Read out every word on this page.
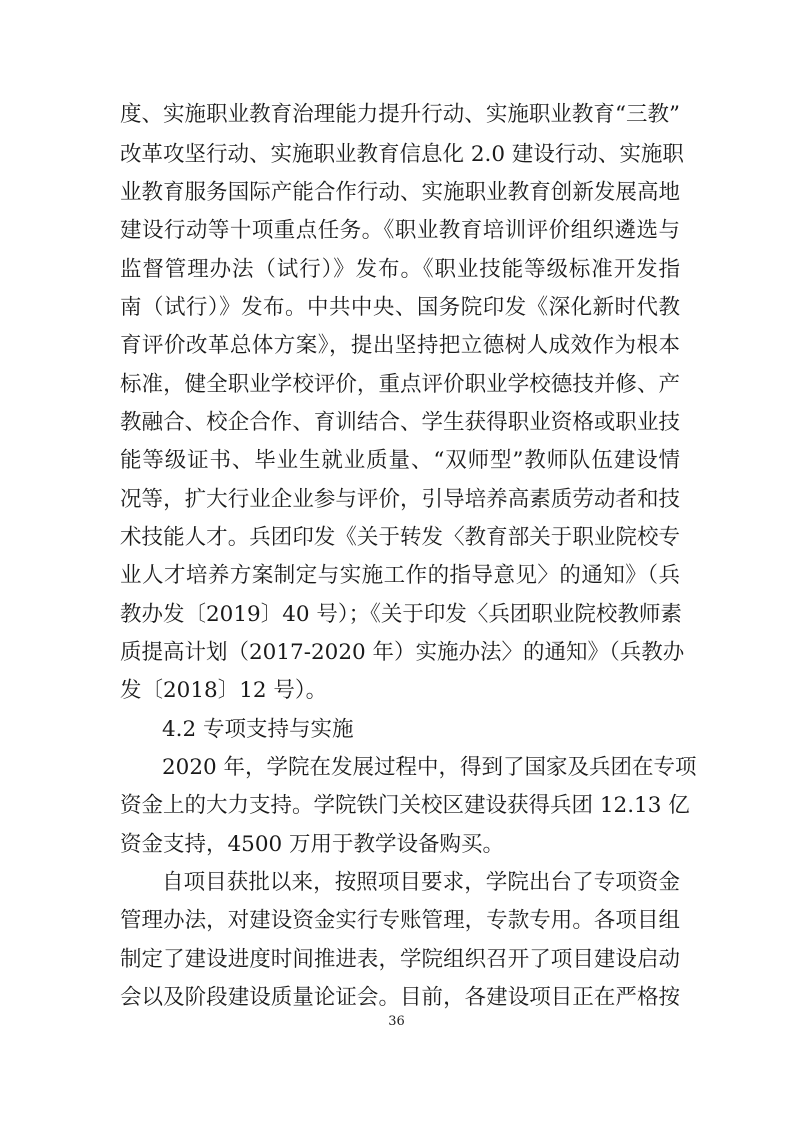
度、实施职业教育治理能力提升行动、实施职业教育“三教”
改革攻坚行动、实施职业教育信息化 2.0 建设行动、实施职
业教育服务国际产能合作行动、实施职业教育创新发展高地
建设行动等十项重点任务。《职业教育培训评价组织遴选与
监督管理办法（试行）》发布。《职业技能等级标准开发指
南（试行）》发布。中共中央、国务院印发《深化新时代教
育评价改革总体方案》，提出坚持把立德树人成效作为根本
标准，健全职业学校评价，重点评价职业学校德技并修、产
教融合、校企合作、育训结合、学生获得职业资格或职业技
能等级证书、毕业生就业质量、“双师型”教师队伍建设情
况等，扩大行业企业参与评价，引导培养高素质劳动者和技
术技能人才。兵团印发《关于转发〈教育部关于职业院校专
业人才培养方案制定与实施工作的指导意见〉的通知》（兵
教办发〔2019〕40 号）；《关于印发〈兵团职业院校教师素
质提高计划（2017-2020 年）实施办法〉的通知》（兵教办
发〔2018〕12 号）。
4.2 专项支持与实施
2020 年，学院在发展过程中，得到了国家及兵团在专项
资金上的大力支持。学院铁门关校区建设获得兵团 12.13 亿
资金支持，4500 万用于教学设备购买。
自项目获批以来，按照项目要求，学院出台了专项资金
管理办法，对建设资金实行专账管理，专款专用。各项目组
制定了建设进度时间推进表，学院组织召开了项目建设启动
会以及阶段建设质量论证会。目前，各建设项目正在严格按
36
